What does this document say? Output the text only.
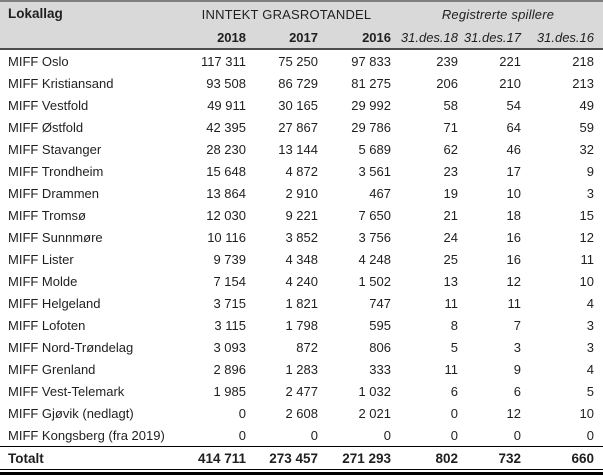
Lokallag	INNTEKT GRASROTANDEL			Registrerte spillere		
	2018	2017	2016	31.des.18	31.des.17	31.des.16
MIFF Oslo	117 311	75 250	97 833	239	221	218
MIFF Kristiansand	93 508	86 729	81 275	206	210	213
MIFF Vestfold	49 911	30 165	29 992	58	54	49
MIFF Østfold	42 395	27 867	29 786	71	64	59
MIFF Stavanger	28 230	13 144	5 689	62	46	32
MIFF Trondheim	15 648	4 872	3 561	23	17	9
MIFF Drammen	13 864	2 910	467	19	10	3
MIFF Tromsø	12 030	9 221	7 650	21	18	15
MIFF Sunnmøre	10 116	3 852	3 756	24	16	12
MIFF Lister	9 739	4 348	4 248	25	16	11
MIFF Molde	7 154	4 240	1 502	13	12	10
MIFF Helgeland	3 715	1 821	747	11	11	4
MIFF Lofoten	3 115	1 798	595	8	7	3
MIFF Nord-Trøndelag	3 093	872	806	5	3	3
MIFF Grenland	2 896	1 283	333	11	9	4
MIFF Vest-Telemark	1 985	2 477	1 032	6	6	5
MIFF Gjøvik (nedlagt)	0	2 608	2 021	0	12	10
MIFF Kongsberg (fra 2019)	0	0	0	0	0	0
Totalt	414 711	273 457	271 293	802	732	660
